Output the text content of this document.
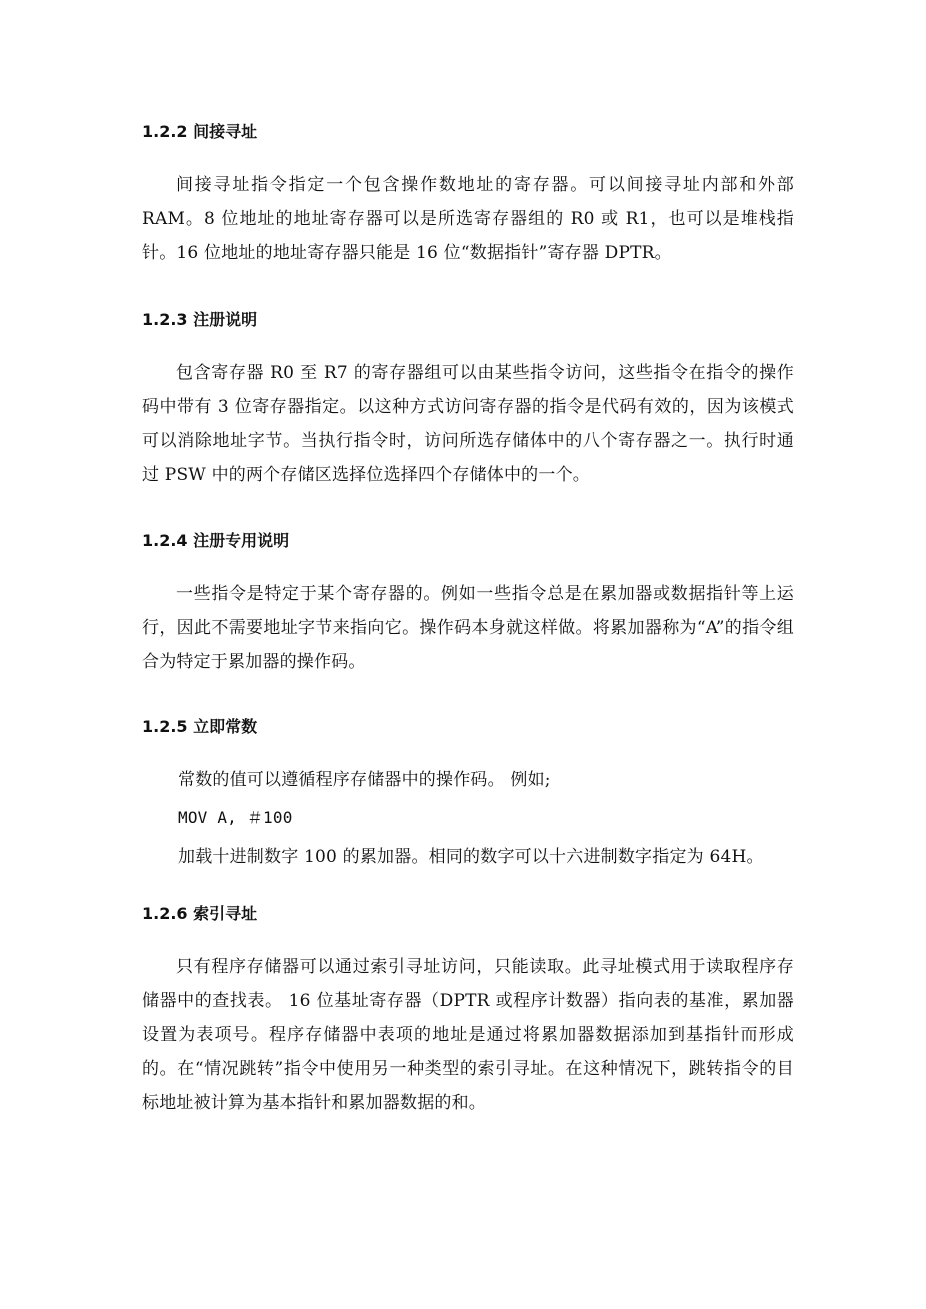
1.2.2 间接寻址

间接寻址指令指定一个包含操作数地址的寄存器。可以间接寻址内部和外部 RAM。8 位地址的地址寄存器可以是所选寄存器组的 R0 或 R1，也可以是堆栈指针。16 位地址的地址寄存器只能是 16 位“数据指针”寄存器 DPTR。

1.2.3 注册说明

包含寄存器 R0 至 R7 的寄存器组可以由某些指令访问，这些指令在指令的操作码中带有 3 位寄存器指定。以这种方式访问寄存器的指令是代码有效的，因为该模式可以消除地址字节。当执行指令时，访问所选存储体中的八个寄存器之一。执行时通过 PSW 中的两个存储区选择位选择四个存储体中的一个。

1.2.4 注册专用说明

一些指令是特定于某个寄存器的。例如一些指令总是在累加器或数据指针等上运行，因此不需要地址字节来指向它。操作码本身就这样做。将累加器称为“A”的指令组合为特定于累加器的操作码。

1.2.5 立即常数

常数的值可以遵循程序存储器中的操作码。 例如;

MOV A, ＃100

加载十进制数字 100 的累加器。相同的数字可以十六进制数字指定为 64H。

1.2.6 索引寻址

只有程序存储器可以通过索引寻址访问，只能读取。此寻址模式用于读取程序存储器中的查找表。 16 位基址寄存器（DPTR 或程序计数器）指向表的基准，累加器设置为表项号。程序存储器中表项的地址是通过将累加器数据添加到基指针而形成的。在“情况跳转”指令中使用另一种类型的索引寻址。在这种情况下，跳转指令的目标地址被计算为基本指针和累加器数据的和。
